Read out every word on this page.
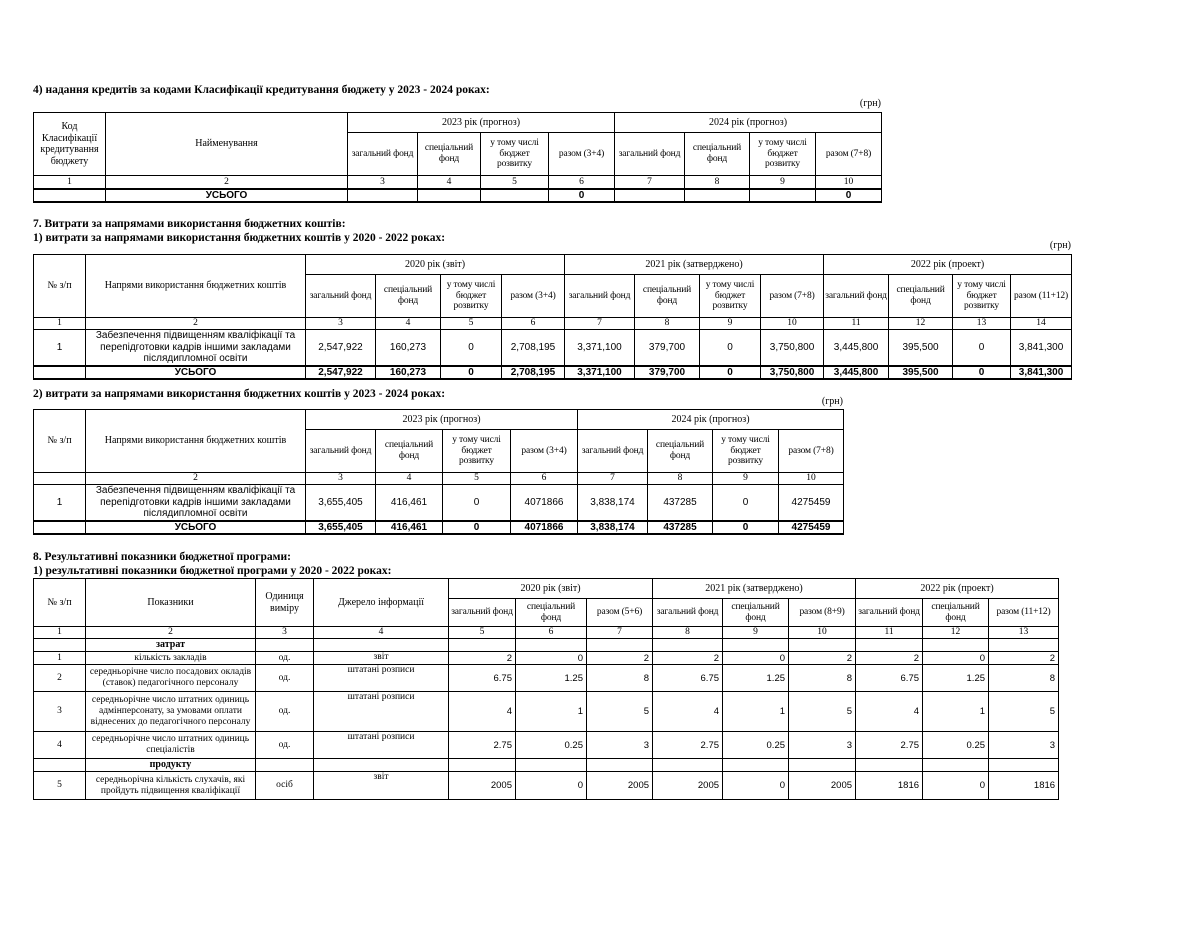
4) надання кредитів за кодами Класифікації кредитування бюджету у 2023 - 2024 роках:
(грн)
Код Класифікації кредитування бюджету	Найменування	2023 рік (прогноз)				2024 рік (прогноз)			
		загальний фонд	спеціальний фонд	у тому числі бюджет розвитку	разом (3+4)	загальний фонд	спеціальний фонд	у тому числі бюджет розвитку	разом (7+8)
1	2	3	4	5	6	7	8	9	10
	УСЬОГО				0				0
7. Витрати за напрямами використання бюджетних коштів:
1) витрати за напрямами використання бюджетних коштів у 2020 - 2022 роках:
(грн)
№ з/п	Напрями використання бюджетних коштів	2020 рік (звіт)				2021 рік (затверджено)				2022 рік (проект)			
		загальний фонд	спеціальний фонд	у тому числі бюджет розвитку	разом (3+4)	загальний фонд	спеціальний фонд	у тому числі бюджет розвитку	разом (7+8)	загальний фонд	спеціальний фонд	у тому числі бюджет розвитку	разом (11+12)
1	2	3	4	5	6	7	8	9	10	11	12	13	14
1	Забезпечення підвищенням кваліфікації та перепідготовки кадрів іншими закладами післядипломної освіти	2,547,922	160,273	0	2,708,195	3,371,100	379,700	0	3,750,800	3,445,800	395,500	0	3,841,300
	УСЬОГО	2,547,922	160,273	0	2,708,195	3,371,100	379,700	0	3,750,800	3,445,800	395,500	0	3,841,300
2) витрати за напрямами використання бюджетних коштів у 2023 - 2024 роках:
(грн)
№ з/п	Напрями використання бюджетних коштів	2023 рік (прогноз)				2024 рік (прогноз)			
		загальний фонд	спеціальний фонд	у тому числі бюджет розвитку	разом (3+4)	загальний фонд	спеціальний фонд	у тому числі бюджет розвитку	разом (7+8)
	2	3	4	5	6	7	8	9	10
1	Забезпечення підвищенням кваліфікації та перепідготовки кадрів іншими закладами післядипломної освіти	3,655,405	416,461	0	4071866	3,838,174	437285	0	4275459
	УСЬОГО	3,655,405	416,461	0	4071866	3,838,174	437285	0	4275459
8. Результативні показники бюджетної програми:
1) результативні показники бюджетної програми у 2020 - 2022 роках:
№ з/п	Показники	Одиниця виміру	Джерело інформації	2020 рік (звіт)			2021 рік (затверджено)			2022 рік (проект)		
				загальний фонд	спеціальний фонд	разом (5+6)	загальний фонд	спеціальний фонд	разом (8+9)	загальний фонд	спеціальний фонд	разом (11+12)
1	2	3	4	5	6	7	8	9	10	11	12	13
	затрат											
1	кількість закладів	од.	звіт	2	0	2	2	0	2	2	0	2
2	середньорічне число посадових окладів (ставок) педагогічного персоналу	од.	штатані розписи	6.75	1.25	8	6.75	1.25	8	6.75	1.25	8
3	середньорічне число штатних одиниць адмінперсонату, за умовами оплати віднесених до педагогічного персоналу	од.	штатані розписи	4	1	5	4	1	5	4	1	5
4	середньорічне число штатних одиниць спеціалістів	од.	штатані розписи	2.75	0.25	3	2.75	0.25	3	2.75	0.25	3
	продукту											
5	середньорічна кількість слухачів, які пройдуть підвищення кваліфікації	осіб	звіт	2005	0	2005	2005	0	2005	1816	0	1816
